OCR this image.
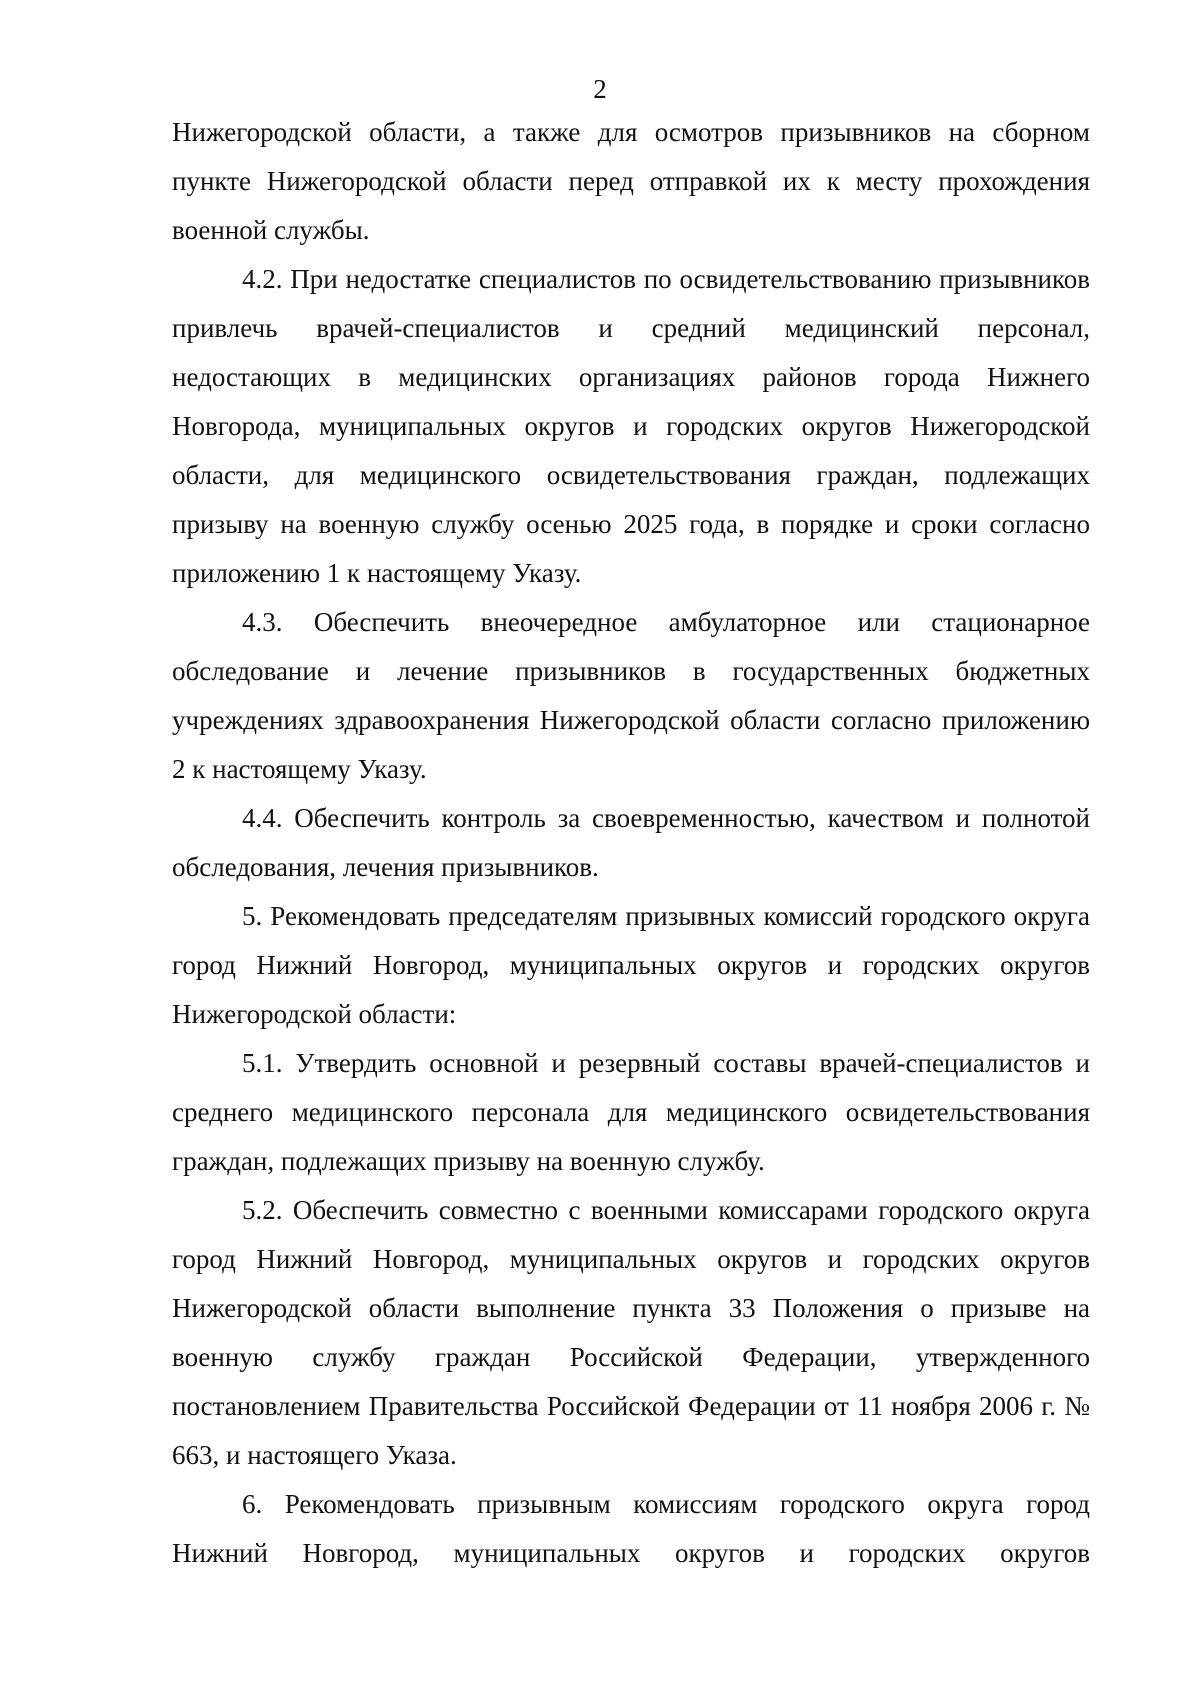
2

Нижегородской области, а также для осмотров призывников на сборном пункте Нижегородской области перед отправкой их к месту прохождения военной службы.

4.2. При недостатке специалистов по освидетельствованию призывников привлечь врачей-специалистов и средний медицинский персонал, недостающих в медицинских организациях районов города Нижнего Новгорода, муниципальных округов и городских округов Нижегородской области, для медицинского освидетельствования граждан, подлежащих призыву на военную службу осенью 2025 года, в порядке и сроки согласно приложению 1 к настоящему Указу.

4.3. Обеспечить внеочередное амбулаторное или стационарное обследование и лечение призывников в государственных бюджетных учреждениях здравоохранения Нижегородской области согласно приложению 2 к настоящему Указу.

4.4. Обеспечить контроль за своевременностью, качеством и полнотой обследования, лечения призывников.

5. Рекомендовать председателям призывных комиссий городского округа город Нижний Новгород, муниципальных округов и городских округов Нижегородской области:

5.1. Утвердить основной и резервный составы врачей-специалистов и среднего медицинского персонала для медицинского освидетельствования граждан, подлежащих призыву на военную службу.

5.2. Обеспечить совместно с военными комиссарами городского округа город Нижний Новгород, муниципальных округов и городских округов Нижегородской области выполнение пункта 33 Положения о призыве на военную службу граждан Российской Федерации, утвержденного постановлением Правительства Российской Федерации от 11 ноября 2006 г. № 663, и настоящего Указа.

6. Рекомендовать призывным комиссиям городского округа город Нижний Новгород, муниципальных округов и городских округов
